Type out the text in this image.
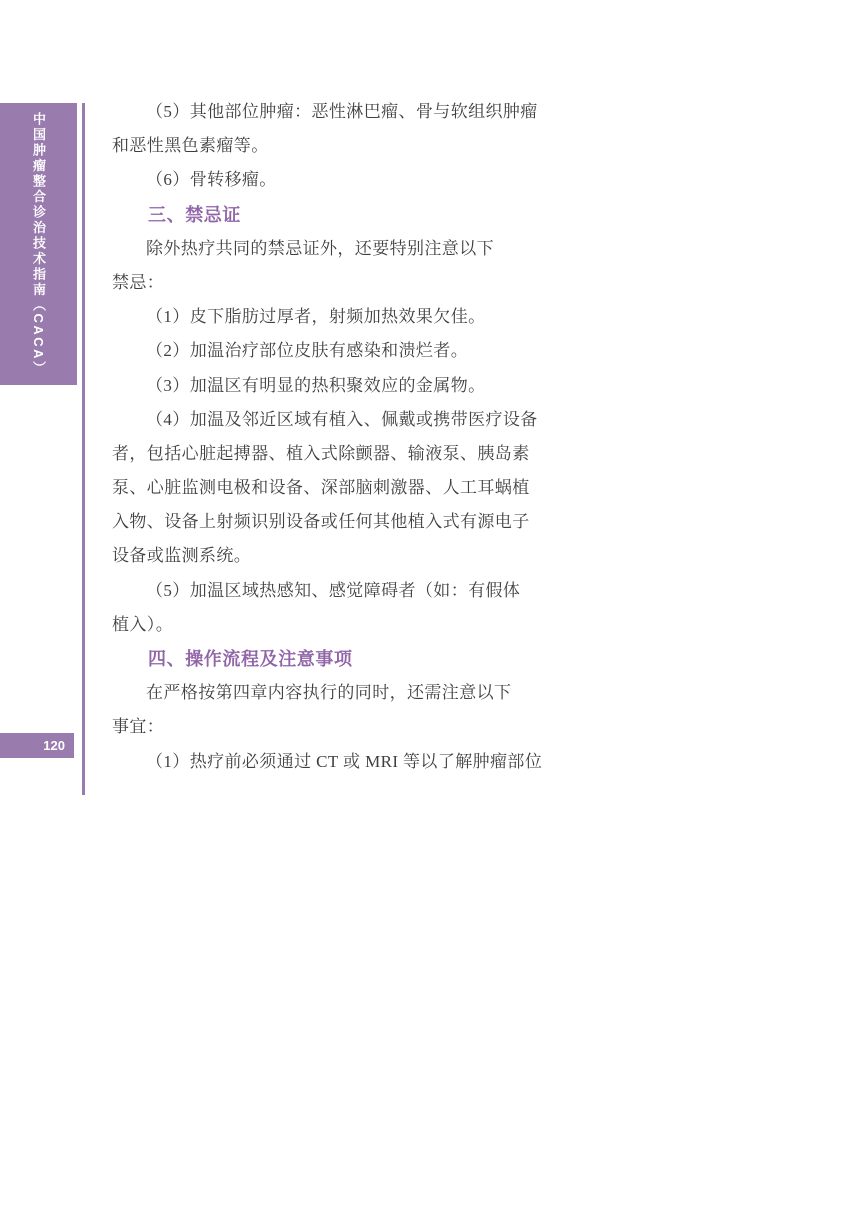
中国肿瘤整合诊治技术指南（CACA）
120
（5）其他部位肿瘤：恶性淋巴瘤、骨与软组织肿瘤
和恶性黑色素瘤等。
（6）骨转移瘤。
三、禁忌证
除外热疗共同的禁忌证外，还要特别注意以下
禁忌：
（1）皮下脂肪过厚者，射频加热效果欠佳。
（2）加温治疗部位皮肤有感染和溃烂者。
（3）加温区有明显的热积聚效应的金属物。
（4）加温及邻近区域有植入、佩戴或携带医疗设备
者，包括心脏起搏器、植入式除颤器、输液泵、胰岛素
泵、心脏监测电极和设备、深部脑刺激器、人工耳蜗植
入物、设备上射频识别设备或任何其他植入式有源电子
设备或监测系统。
（5）加温区域热感知、感觉障碍者（如：有假体
植入）。
四、操作流程及注意事项
在严格按第四章内容执行的同时，还需注意以下
事宜：
（1）热疗前必须通过 CT 或 MRI 等以了解肿瘤部位
